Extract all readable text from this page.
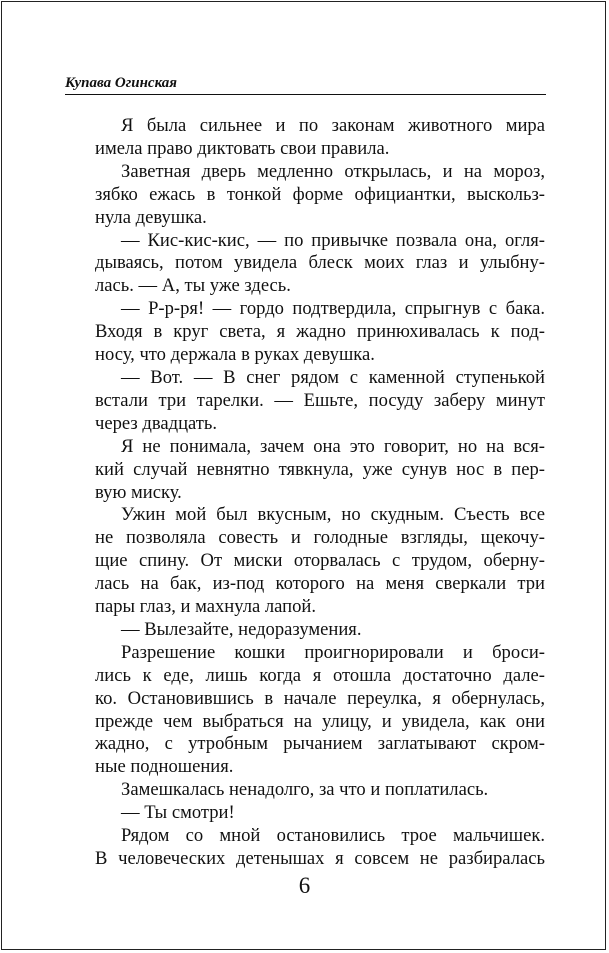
Купава Огинская

Я была сильнее и по законам животного мира
имела право диктовать свои правила.

Заветная дверь медленно открылась, и на мороз,
зябко ежась в тонкой форме официантки, выскольз-
нула девушка.

— Кис-кис-кис, — по привычке позвала она, огля-
дываясь, потом увидела блеск моих глаз и улыбну-
лась. — А, ты уже здесь.

— Р-р-ря! — гордо подтвердила, спрыгнув с бака.
Входя в круг света, я жадно принюхивалась к под-
носу, что держала в руках девушка.

— Вот. — В снег рядом с каменной ступенькой
встали три тарелки. — Ешьте, посуду заберу минут
через двадцать.

Я не понимала, зачем она это говорит, но на вся-
кий случай невнятно тявкнула, уже сунув нос в пер-
вую миску.

Ужин мой был вкусным, но скудным. Съесть все
не позволяла совесть и голодные взгляды, щекочу-
щие спину. От миски оторвалась с трудом, оберну-
лась на бак, из-под которого на меня сверкали три
пары глаз, и махнула лапой.

— Вылезайте, недоразумения.

Разрешение кошки проигнорировали и броси-
лись к еде, лишь когда я отошла достаточно дале-
ко. Остановившись в начале переулка, я обернулась,
прежде чем выбраться на улицу, и увидела, как они
жадно, с утробным рычанием заглатывают скром-
ные подношения.

Замешкалась ненадолго, за что и поплатилась.

— Ты смотри!

Рядом со мной остановились трое мальчишек.
В человеческих детенышах я совсем не разбиралась

6
